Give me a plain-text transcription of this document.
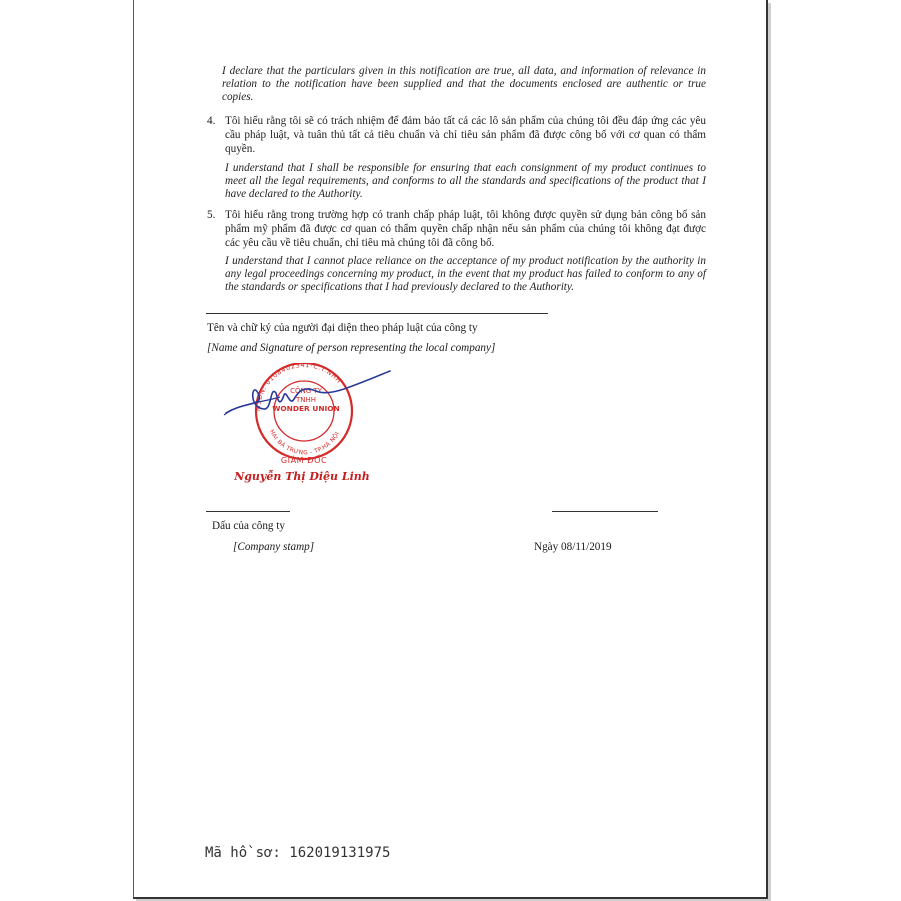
I declare that the particulars given in this notification are true, all data, and information of relevance in relation to the notification have been supplied and that the documents enclosed are authentic or true copies.
4. Tôi hiểu rằng tôi sẽ có trách nhiệm để đảm bảo tất cả các lô sản phẩm của chúng tôi đều đáp ứng các yêu cầu pháp luật, và tuân thủ tất cả tiêu chuẩn và chỉ tiêu sản phẩm đã được công bố với cơ quan có thẩm quyền.
I understand that I shall be responsible for ensuring that each consignment of my product continues to meet all the legal requirements, and conforms to all the standards and specifications of the product that I have declared to the Authority.
5. Tôi hiểu rằng trong trường hợp có tranh chấp pháp luật, tôi không được quyền sử dụng bản công bố sản phẩm mỹ phẩm đã được cơ quan có thẩm quyền chấp nhận nếu sản phẩm của chúng tôi không đạt được các yêu cầu về tiêu chuẩn, chỉ tiêu mà chúng tôi đã công bố.
I understand that I cannot place reliance on the acceptance of my product notification by the authority in any legal proceedings concerning my product, in the event that my product has failed to conform to any of the standards or specifications that I had previously declared to the Authority.
Tên và chữ ký của người đại diện theo pháp luật của công ty
[Name and Signature of person representing the local company]
MSDN: 0108402341-C.T.NHH
HAI BÀ TRƯNG - TP.HÀ NỘI
CÔNG TY
TNHH
WONDER UNION
GIÁM ĐỐC
Nguyễn Thị Diệu Linh
Dấu của công ty
[Company stamp]	Ngày 08/11/2019
Mã hồ sơ: 162019131975
